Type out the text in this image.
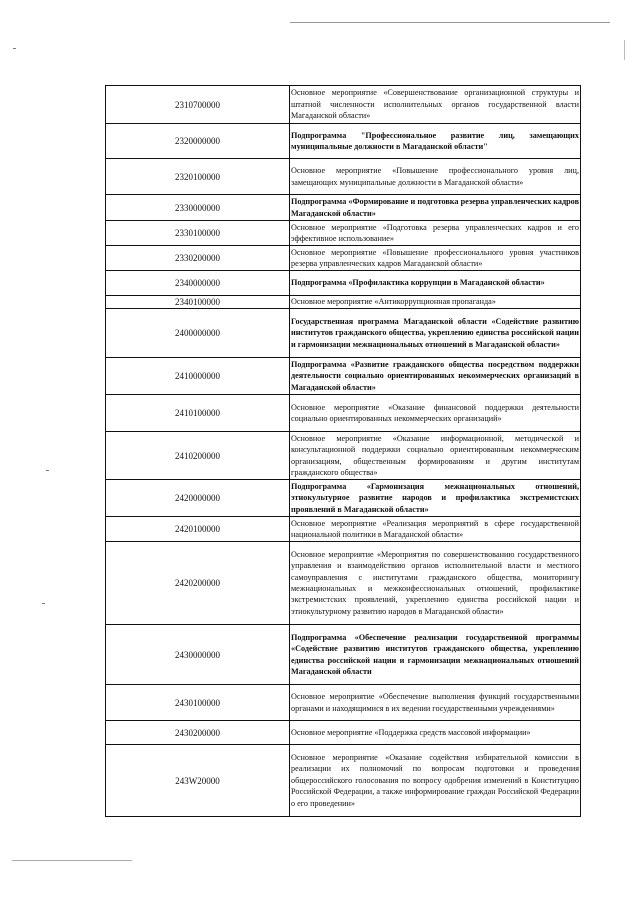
2310700000	Основное мероприятие «Совершенствование организационной структуры и штатной численности исполнительных органов государственной власти Магаданской области»
2320000000	Подпрограмма "Профессиональное развитие лиц, замещающих муниципальные должности в Магаданской области"
2320100000	Основное мероприятие «Повышение профессионального уровня лиц, замещающих муниципальные должности в Магаданской области»
2330000000	Подпрограмма «Формирование и подготовка резерва управленческих кадров Магаданской области»
2330100000	Основное мероприятие «Подготовка резерва управленческих кадров и его эффективное использование»
2330200000	Основное мероприятие «Повышение профессионального уровня участников резерва управленческих кадров Магаданской области»
2340000000	Подпрограмма «Профилактика коррупции в Магаданской области»
2340100000	Основное мероприятие «Антикоррупционная пропаганда»
2400000000	Государственная программа Магаданской области «Содействие развитию институтов гражданского общества, укреплению единства российской нации и гармонизации межнациональных отношений в Магаданской области»
2410000000	Подпрограмма «Развитие гражданского общества посредством поддержки деятельности социально ориентированных некоммерческих организаций в Магаданской области»
2410100000	Основное мероприятие «Оказание финансовой поддержки деятельности социально ориентированных некоммерческих организаций»
2410200000	Основное мероприятие «Оказание информационной, методической и консультационной поддержки социально ориентированным некоммерческим организациям, общественным формированиям и другим институтам гражданского общества»
2420000000	Подпрограмма «Гармонизация межнациональных отношений, этнокультурное развитие народов и профилактика экстремистских проявлений в Магаданской области»
2420100000	Основное мероприятие «Реализация мероприятий в сфере государственной национальной политики в Магаданской области»
2420200000	Основное мероприятие «Мероприятия по совершенствованию государственного управления и взаимодействию органов исполнительной власти и местного самоуправления с институтами гражданского общества, мониторингу межнациональных и межконфессиональных отношений, профилактике экстремистских проявлений, укреплению единства российской нации и этнокультурному развитию народов в Магаданской области»
2430000000	Подпрограмма «Обеспечение реализации государственной программы «Содействие развитию институтов гражданского общества, укреплению единства российской нации и гармонизации межнациональных отношений Магаданской области
2430100000	Основное мероприятие «Обеспечение выполнения функций государственными органами и находящимися в их ведении государственными учреждениями»
2430200000	Основное мероприятие «Поддержка средств массовой информации»
243W20000	Основное мероприятие «Оказание содействия избирательной комиссии в реализации их полномочий по вопросам подготовки и проведения общероссийского голосования по вопросу одобрения изменений в Конституцию Российской Федерации, а также информирование граждан Российской Федерации о его проведении»
